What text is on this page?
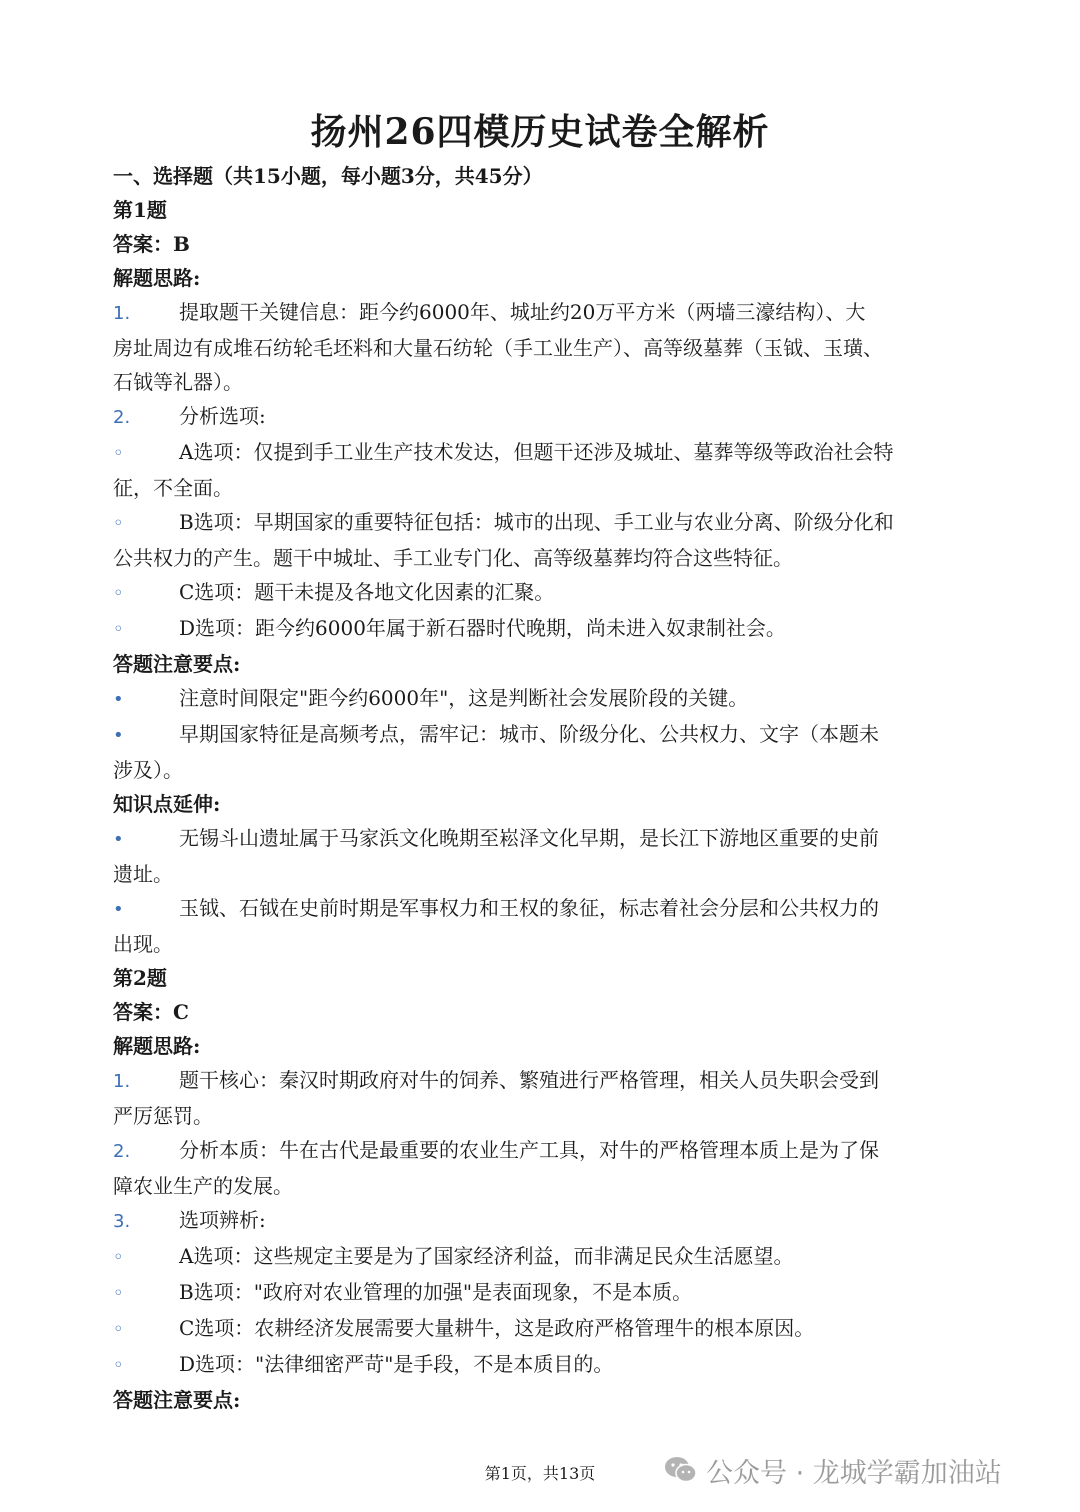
扬州26四模历史试卷全解析

一、选择题（共15小题，每小题3分，共45分）

第1题

答案：B

解题思路:

1. 提取题干关键信息：距今约6000年、城址约20万平方米（两墙三濠结构）、大

房址周边有成堆石纺轮毛坯料和大量石纺轮（手工业生产）、高等级墓葬（玉钺、玉璜、

石钺等礼器）。

2. 分析选项:
◦	A选项：仅提到手工业生产技术发达，但题干还涉及城址、墓葬等级等政治社会特

征，不全面。

◦	B选项：早期国家的重要特征包括：城市的出现、手工业与农业分离、阶级分化和

公共权力的产生。题干中城址、手工业专门化、高等级墓葬均符合这些特征。

◦	C选项：题干未提及各地文化因素的汇聚。
◦	D选项：距今约6000年属于新石器时代晚期，尚未进入奴隶制社会。

答题注意要点:

•	注意时间限定"距今约6000年"，这是判断社会发展阶段的关键。
•	早期国家特征是高频考点，需牢记：城市、阶级分化、公共权力、文字（本题未

涉及）。

知识点延伸:

•	无锡斗山遗址属于马家浜文化晚期至崧泽文化早期，是长江下游地区重要的史前

遗址。

•	玉钺、石钺在史前时期是军事权力和王权的象征，标志着社会分层和公共权力的

出现。

第2题

答案：C

解题思路:

1. 题干核心：秦汉时期政府对牛的饲养、繁殖进行严格管理，相关人员失职会受到

严厉惩罚。

2. 分析本质：牛在古代是最重要的农业生产工具，对牛的严格管理本质上是为了保

障农业生产的发展。

3. 选项辨析:
◦	A选项：这些规定主要是为了国家经济利益，而非满足民众生活愿望。
◦	B选项："政府对农业管理的加强"是表面现象，不是本质。
◦	C选项：农耕经济发展需要大量耕牛，这是政府严格管理牛的根本原因。
◦	D选项："法律细密严苛"是手段，不是本质目的。

答题注意要点:

第1页，共13页	公众号 · 龙城学霸加油站
